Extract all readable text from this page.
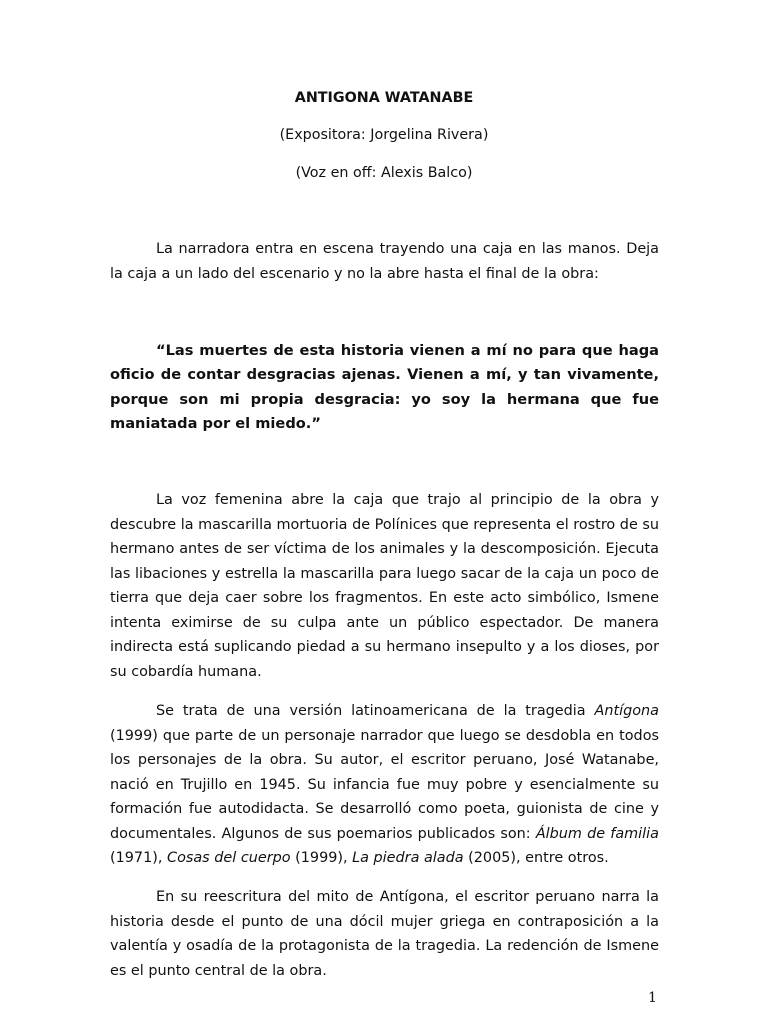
ANTIGONA WATANABE
(Expositora: Jorgelina Rivera)
(Voz en off: Alexis Balco)

La narradora entra en escena trayendo una caja en las manos. Deja la caja a un lado del escenario y no la abre hasta el final de la obra:

“Las muertes de esta historia vienen a mí no para que haga oficio de contar desgracias ajenas. Vienen a mí, y tan vivamente, porque son mi propia desgracia: yo soy la hermana que fue maniatada por el miedo.”

La voz femenina abre la caja que trajo al principio de la obra y descubre la mascarilla mortuoria de Polínices que representa el rostro de su hermano antes de ser víctima de los animales y la descomposición. Ejecuta las libaciones y estrella la mascarilla para luego sacar de la caja un poco de tierra que deja caer sobre los fragmentos. En este acto simbólico, Ismene intenta eximirse de su culpa ante un público espectador. De manera indirecta está suplicando piedad a su hermano insepulto y a los dioses, por su cobardía humana.

Se trata de una versión latinoamericana de la tragedia Antígona (1999) que parte de un personaje narrador que luego se desdobla en todos los personajes de la obra. Su autor, el escritor peruano, José Watanabe, nació en Trujillo en 1945. Su infancia fue muy pobre y esencialmente su formación fue autodidacta. Se desarrolló como poeta, guionista de cine y documentales. Algunos de sus poemarios publicados son: Álbum de familia (1971), Cosas del cuerpo (1999), La piedra alada (2005), entre otros.

En su reescritura del mito de Antígona, el escritor peruano narra la historia desde el punto de una dócil mujer griega en contraposición a la valentía y osadía de la protagonista de la tragedia. La redención de Ismene es el punto central de la obra.

1
